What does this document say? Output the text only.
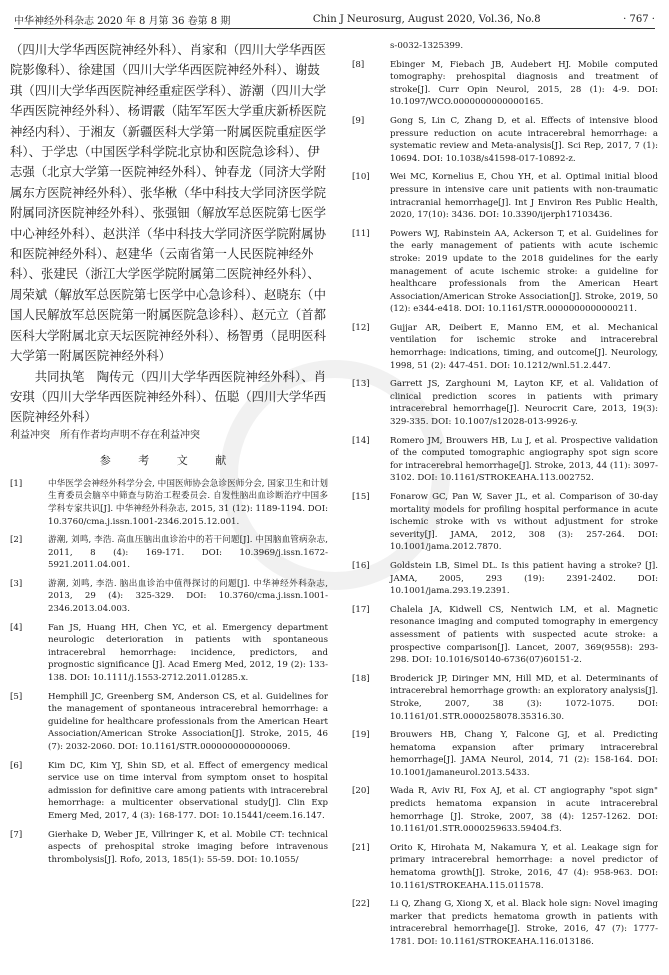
中华神经外科杂志 2020 年 8 月第 36 卷第 8 期	Chin J Neurosurg, August 2020, Vol.36, No.8	· 767 ·

（四川大学华西医院神经外科）、肖家和（四川大学华西医院影像科）、徐建国（四川大学华西医院神经外科）、谢鼓琪（四川大学华西医院神经重症医学科）、游潮（四川大学华西医院神经外科）、杨谓霰（陆军军医大学重庆新桥医院神经内科）、于湘友（新疆医科大学第一附属医院重症医学科）、于学忠（中国医学科学院北京协和医院急诊科）、伊志强（北京大学第一医院神经外科）、钟春龙（同济大学附属东方医院神经外科）、张华楸（华中科技大学同济医学院附属同济医院神经外科）、张强钿（解放军总医院第七医学中心神经外科）、赵洪洋（华中科技大学同济医学院附属协和医院神经外科）、赵建华（云南省第一人民医院神经外科）、张建民（浙江大学医学院附属第二医院神经外科）、周荣斌（解放军总医院第七医学中心急诊科）、赵晓东（中国人民解放军总医院第一附属医院急诊科）、赵元立（首都医科大学附属北京天坛医院神经外科）、杨智勇（昆明医科大学第一附属医院神经外科）

共同执笔　陶传元（四川大学华西医院神经外科）、肖安琪（四川大学华西医院神经外科）、伍聪（四川大学华西医院神经外科）

利益冲突　所有作者均声明不存在利益冲突

参 考 文 献

[1]	中华医学会神经外科学分会, 中国医师协会急诊医师分会, 国家卫生和计划生育委员会脑卒中筛查与防治工程委员会. 自发性脑出血诊断治疗中国多学科专家共识[J]. 中华神经外科杂志, 2015, 31 (12): 1189-1194. DOI: 10.3760/cma.j.issn.1001-2346.2015.12.001.

[2]	游潮, 刘鸣, 李浩. 高血压脑出血诊治中的若干问题[J]. 中国脑血管病杂志, 2011, 8 (4): 169-171. DOI: 10.3969/j.issn.1672-5921.2011.04.001.

[3]	游潮, 刘鸣, 李浩. 脑出血诊治中值得探讨的问题[J]. 中华神经外科杂志, 2013, 29 (4): 325-329. DOI: 10.3760/cma.j.issn.1001-2346.2013.04.003.

[4]	Fan JS, Huang HH, Chen YC, et al. Emergency department neurologic deterioration in patients with spontaneous intracerebral hemorrhage: incidence, predictors, and prognostic significance [J]. Acad Emerg Med, 2012, 19 (2): 133-138. DOI: 10.1111/j.1553-2712.2011.01285.x.

[5]	Hemphill JC, Greenberg SM, Anderson CS, et al. Guidelines for the management of spontaneous intracerebral hemorrhage: a guideline for healthcare professionals from the American Heart Association/American Stroke Association[J]. Stroke, 2015, 46 (7): 2032-2060. DOI: 10.1161/STR.0000000000000069.

[6]	Kim DC, Kim YJ, Shin SD, et al. Effect of emergency medical service use on time interval from symptom onset to hospital admission for definitive care among patients with intracerebral hemorrhage: a multicenter observational study[J]. Clin Exp Emerg Med, 2017, 4 (3): 168-177. DOI: 10.15441/ceem.16.147.

[7]	Gierhake D, Weber JE, Villringer K, et al. Mobile CT: technical aspects of prehospital stroke imaging before intravenous thrombolysis[J]. Rofo, 2013, 185(1): 55-59. DOI: 10.1055/

s-0032-1325399.

[8]	Ebinger M, Fiebach JB, Audebert HJ. Mobile computed tomography: prehospital diagnosis and treatment of stroke[J]. Curr Opin Neurol, 2015, 28 (1): 4-9. DOI: 10.1097/WCO.0000000000000165.

[9]	Gong S, Lin C, Zhang D, et al. Effects of intensive blood pressure reduction on acute intracerebral hemorrhage: a systematic review and Meta-analysis[J]. Sci Rep, 2017, 7 (1): 10694. DOI: 10.1038/s41598-017-10892-z.

[10]	Wei MC, Kornelius E, Chou YH, et al. Optimal initial blood pressure in intensive care unit patients with non-traumatic intracranial hemorrhage[J]. Int J Environ Res Public Health, 2020, 17(10): 3436. DOI: 10.3390/ijerph17103436.

[11]	Powers WJ, Rabinstein AA, Ackerson T, et al. Guidelines for the early management of patients with acute ischemic stroke: 2019 update to the 2018 guidelines for the early management of acute ischemic stroke: a guideline for healthcare professionals from the American Heart Association/American Stroke Association[J]. Stroke, 2019, 50 (12): e344-e418. DOI: 10.1161/STR.0000000000000211.

[12]	Gujjar AR, Deibert E, Manno EM, et al. Mechanical ventilation for ischemic stroke and intracerebral hemorrhage: indications, timing, and outcome[J]. Neurology, 1998, 51 (2): 447-451. DOI: 10.1212/wnl.51.2.447.

[13]	Garrett JS, Zarghouni M, Layton KF, et al. Validation of clinical prediction scores in patients with primary intracerebral hemorrhage[J]. Neurocrit Care, 2013, 19(3): 329-335. DOI: 10.1007/s12028-013-9926-y.

[14]	Romero JM, Brouwers HB, Lu J, et al. Prospective validation of the computed tomographic angiography spot sign score for intracerebral hemorrhage[J]. Stroke, 2013, 44 (11): 3097-3102. DOI: 10.1161/STROKEAHA.113.002752.

[15]	Fonarow GC, Pan W, Saver JL, et al. Comparison of 30-day mortality models for profiling hospital performance in acute ischemic stroke with vs without adjustment for stroke severity[J]. JAMA, 2012, 308 (3): 257-264. DOI: 10.1001/jama.2012.7870.

[16]	Goldstein LB, Simel DL. Is this patient having a stroke? [J]. JAMA, 2005, 293 (19): 2391-2402. DOI: 10.1001/jama.293.19.2391.

[17]	Chalela JA, Kidwell CS, Nentwich LM, et al. Magnetic resonance imaging and computed tomography in emergency assessment of patients with suspected acute stroke: a prospective comparison[J]. Lancet, 2007, 369(9558): 293-298. DOI: 10.1016/S0140-6736(07)60151-2.

[18]	Broderick JP, Diringer MN, Hill MD, et al. Determinants of intracerebral hemorrhage growth: an exploratory analysis[J]. Stroke, 2007, 38 (3): 1072-1075. DOI: 10.1161/01.STR.0000258078.35316.30.

[19]	Brouwers HB, Chang Y, Falcone GJ, et al. Predicting hematoma expansion after primary intracerebral hemorrhage[J]. JAMA Neurol, 2014, 71 (2): 158-164. DOI: 10.1001/jamaneurol.2013.5433.

[20]	Wada R, Aviv RI, Fox AJ, et al. CT angiography "spot sign" predicts hematoma expansion in acute intracerebral hemorrhage [J]. Stroke, 2007, 38 (4): 1257-1262. DOI: 10.1161/01.STR.0000259633.59404.f3.

[21]	Orito K, Hirohata M, Nakamura Y, et al. Leakage sign for primary intracerebral hemorrhage: a novel predictor of hematoma growth[J]. Stroke, 2016, 47 (4): 958-963. DOI: 10.1161/STROKEAHA.115.011578.

[22]	Li Q, Zhang G, Xiong X, et al. Black hole sign: Novel imaging marker that predicts hematoma growth in patients with intracerebral hemorrhage[J]. Stroke, 2016, 47 (7): 1777-1781. DOI: 10.1161/STROKEAHA.116.013186.
